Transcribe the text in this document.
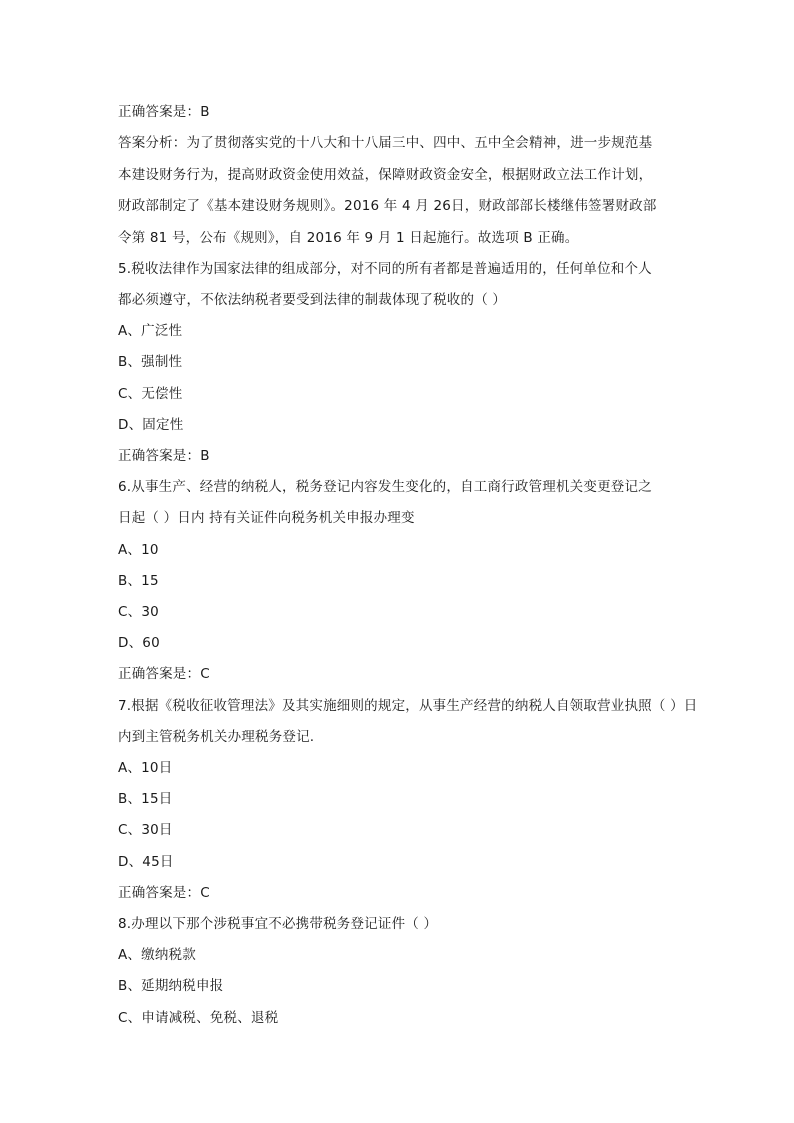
正确答案是：B
答案分析：为了贯彻落实党的十八大和十八届三中、四中、五中全会精神，进一步规范基
本建设财务行为，提高财政资金使用效益，保障财政资金安全，根据财政立法工作计划，
财政部制定了《基本建设财务规则》。2016 年 4 月 26日，财政部部长楼继伟签署财政部
令第 81 号，公布《规则》，自 2016 年 9 月 1 日起施行。故选项 B 正确。
5.税收法律作为国家法律的组成部分，对不同的所有者都是普遍适用的，任何单位和个人
都必须遵守，不依法纳税者要受到法律的制裁体现了税收的（ ）
A、广泛性
B、强制性
C、无偿性
D、固定性
正确答案是：B
6.从事生产、经营的纳税人，税务登记内容发生变化的，自工商行政管理机关变更登记之
日起（ ）日内 持有关证件向税务机关申报办理变
A、10
B、15
C、30
D、60
正确答案是：C
7.根据《税收征收管理法》及其实施细则的规定，从事生产经营的纳税人自领取营业执照（ ）日
内到主管税务机关办理税务登记.
A、10日
B、15日
C、30日
D、45日
正确答案是：C
8.办理以下那个涉税事宜不必携带税务登记证件（ ）
A、缴纳税款
B、延期纳税申报
C、申请减税、免税、退税
